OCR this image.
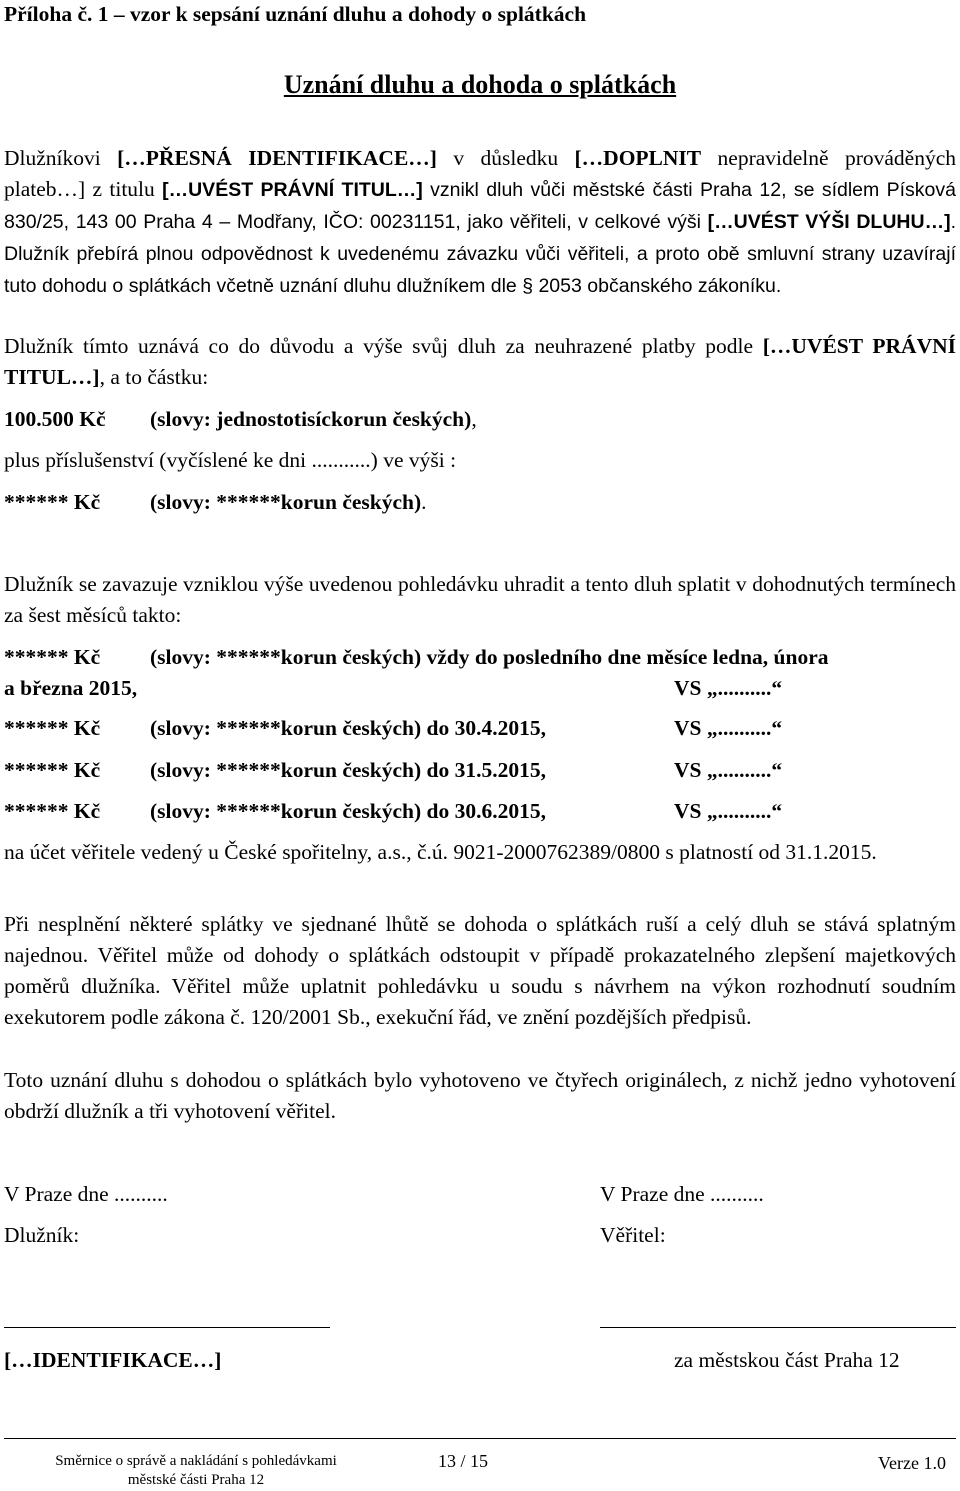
Příloha č. 1 – vzor k sepsání uznání dluhu a dohody o splátkách
Uznání dluhu a dohoda o splátkách

Dlužníkovi […PŘESNÁ IDENTIFIKACE…] v důsledku […DOPLNIT nepravidelně prováděných plateb…] z titulu […UVÉST PRÁVNÍ TITUL…] vznikl dluh vůči městské části Praha 12, se sídlem Písková 830/25, 143 00 Praha 4 – Modřany, IČO: 00231151, jako věřiteli, v celkové výši […UVÉST VÝŠI DLUHU…]. Dlužník přebírá plnou odpovědnost k uvedenému závazku vůči věřiteli, a proto obě smluvní strany uzavírají tuto dohodu o splátkách včetně uznání dluhu dlužníkem dle § 2053 občanského zákoníku.

Dlužník tímto uznává co do důvodu a výše svůj dluh za neuhrazené platby podle […UVÉST PRÁVNÍ TITUL…], a to částku:

100.500 Kč (slovy: jednostotisíckorun českých),
plus příslušenství (vyčíslené ke dni ...........) ve výši :
****** Kč (slovy: ******korun českých).

Dlužník se zavazuje vzniklou výše uvedenou pohledávku uhradit a tento dluh splatit v dohodnutých termínech za šest měsíců takto:

****** Kč (slovy: ******korun českých) vždy do posledního dne měsíce ledna, února
a března 2015,	VS „..........“
****** Kč (slovy: ******korun českých) do 30.4.2015,	VS „..........“
****** Kč (slovy: ******korun českých) do 31.5.2015,	VS „..........“
****** Kč (slovy: ******korun českých) do 30.6.2015,	VS „..........“

na účet věřitele vedený u České spořitelny, a.s., č.ú. 9021-2000762389/0800 s platností od 31.1.2015.

Při nesplnění některé splátky ve sjednané lhůtě se dohoda o splátkách ruší a celý dluh se stává splatným najednou. Věřitel může od dohody o splátkách odstoupit v případě prokazatelného zlepšení majetkových poměrů dlužníka. Věřitel může uplatnit pohledávku u soudu s návrhem na výkon rozhodnutí soudním exekutorem podle zákona č. 120/2001 Sb., exekuční řád, ve znění pozdějších předpisů.

Toto uznání dluhu s dohodou o splátkách bylo vyhotoveno ve čtyřech originálech, z nichž jedno vyhotovení obdrží dlužník a tři vyhotovení věřitel.

V Praze dne ..........	V Praze dne ..........
Dlužník:	Věřitel:
[…IDENTIFIKACE…]	za městskou část Praha 12
Směrnice o správě a nakládání s pohledávkami
městské části Praha 12
13 / 15	Verze 1.0
